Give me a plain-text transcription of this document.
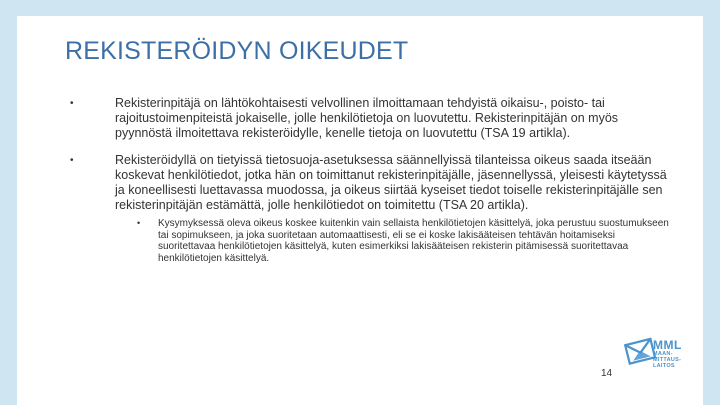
REKISTERÖIDYN OIKEUDET
•	Rekisterinpitäjä on lähtökohtaisesti velvollinen ilmoittamaan tehdyistä oikaisu-, poisto- tai rajoitustoimenpiteistä jokaiselle, jolle henkilötietoja on luovutettu. Rekisterinpitäjän on myös pyynnöstä ilmoitettava rekisteröidylle, kenelle tietoja on luovutettu (TSA 19 artikla).
•	Rekisteröidyllä on tietyissä tietosuoja-asetuksessa säännellyissä tilanteissa oikeus saada itseään koskevat henkilötiedot, jotka hän on toimittanut rekisterinpitäjälle, jäsennellyssä, yleisesti käytetyssä ja koneellisesti luettavassa muodossa, ja oikeus siirtää kyseiset tiedot toiselle rekisterinpitäjälle sen rekisterinpitäjän estämättä, jolle henkilötiedot on toimitettu (TSA 20 artikla).
• Kysymyksessä oleva oikeus koskee kuitenkin vain sellaista henkilötietojen käsittelyä, joka perustuu suostumukseen tai sopimukseen, ja joka suoritetaan automaattisesti, eli se ei koske lakisääteisen tehtävän hoitamiseksi suoritettavaa henkilötietojen käsittelyä, kuten esimerkiksi lakisääteisen rekisterin pitämisessä suoritettavaa henkilötietojen käsittelyä.
14
MML
MAAN-
MITTAUS-
LAITOS
